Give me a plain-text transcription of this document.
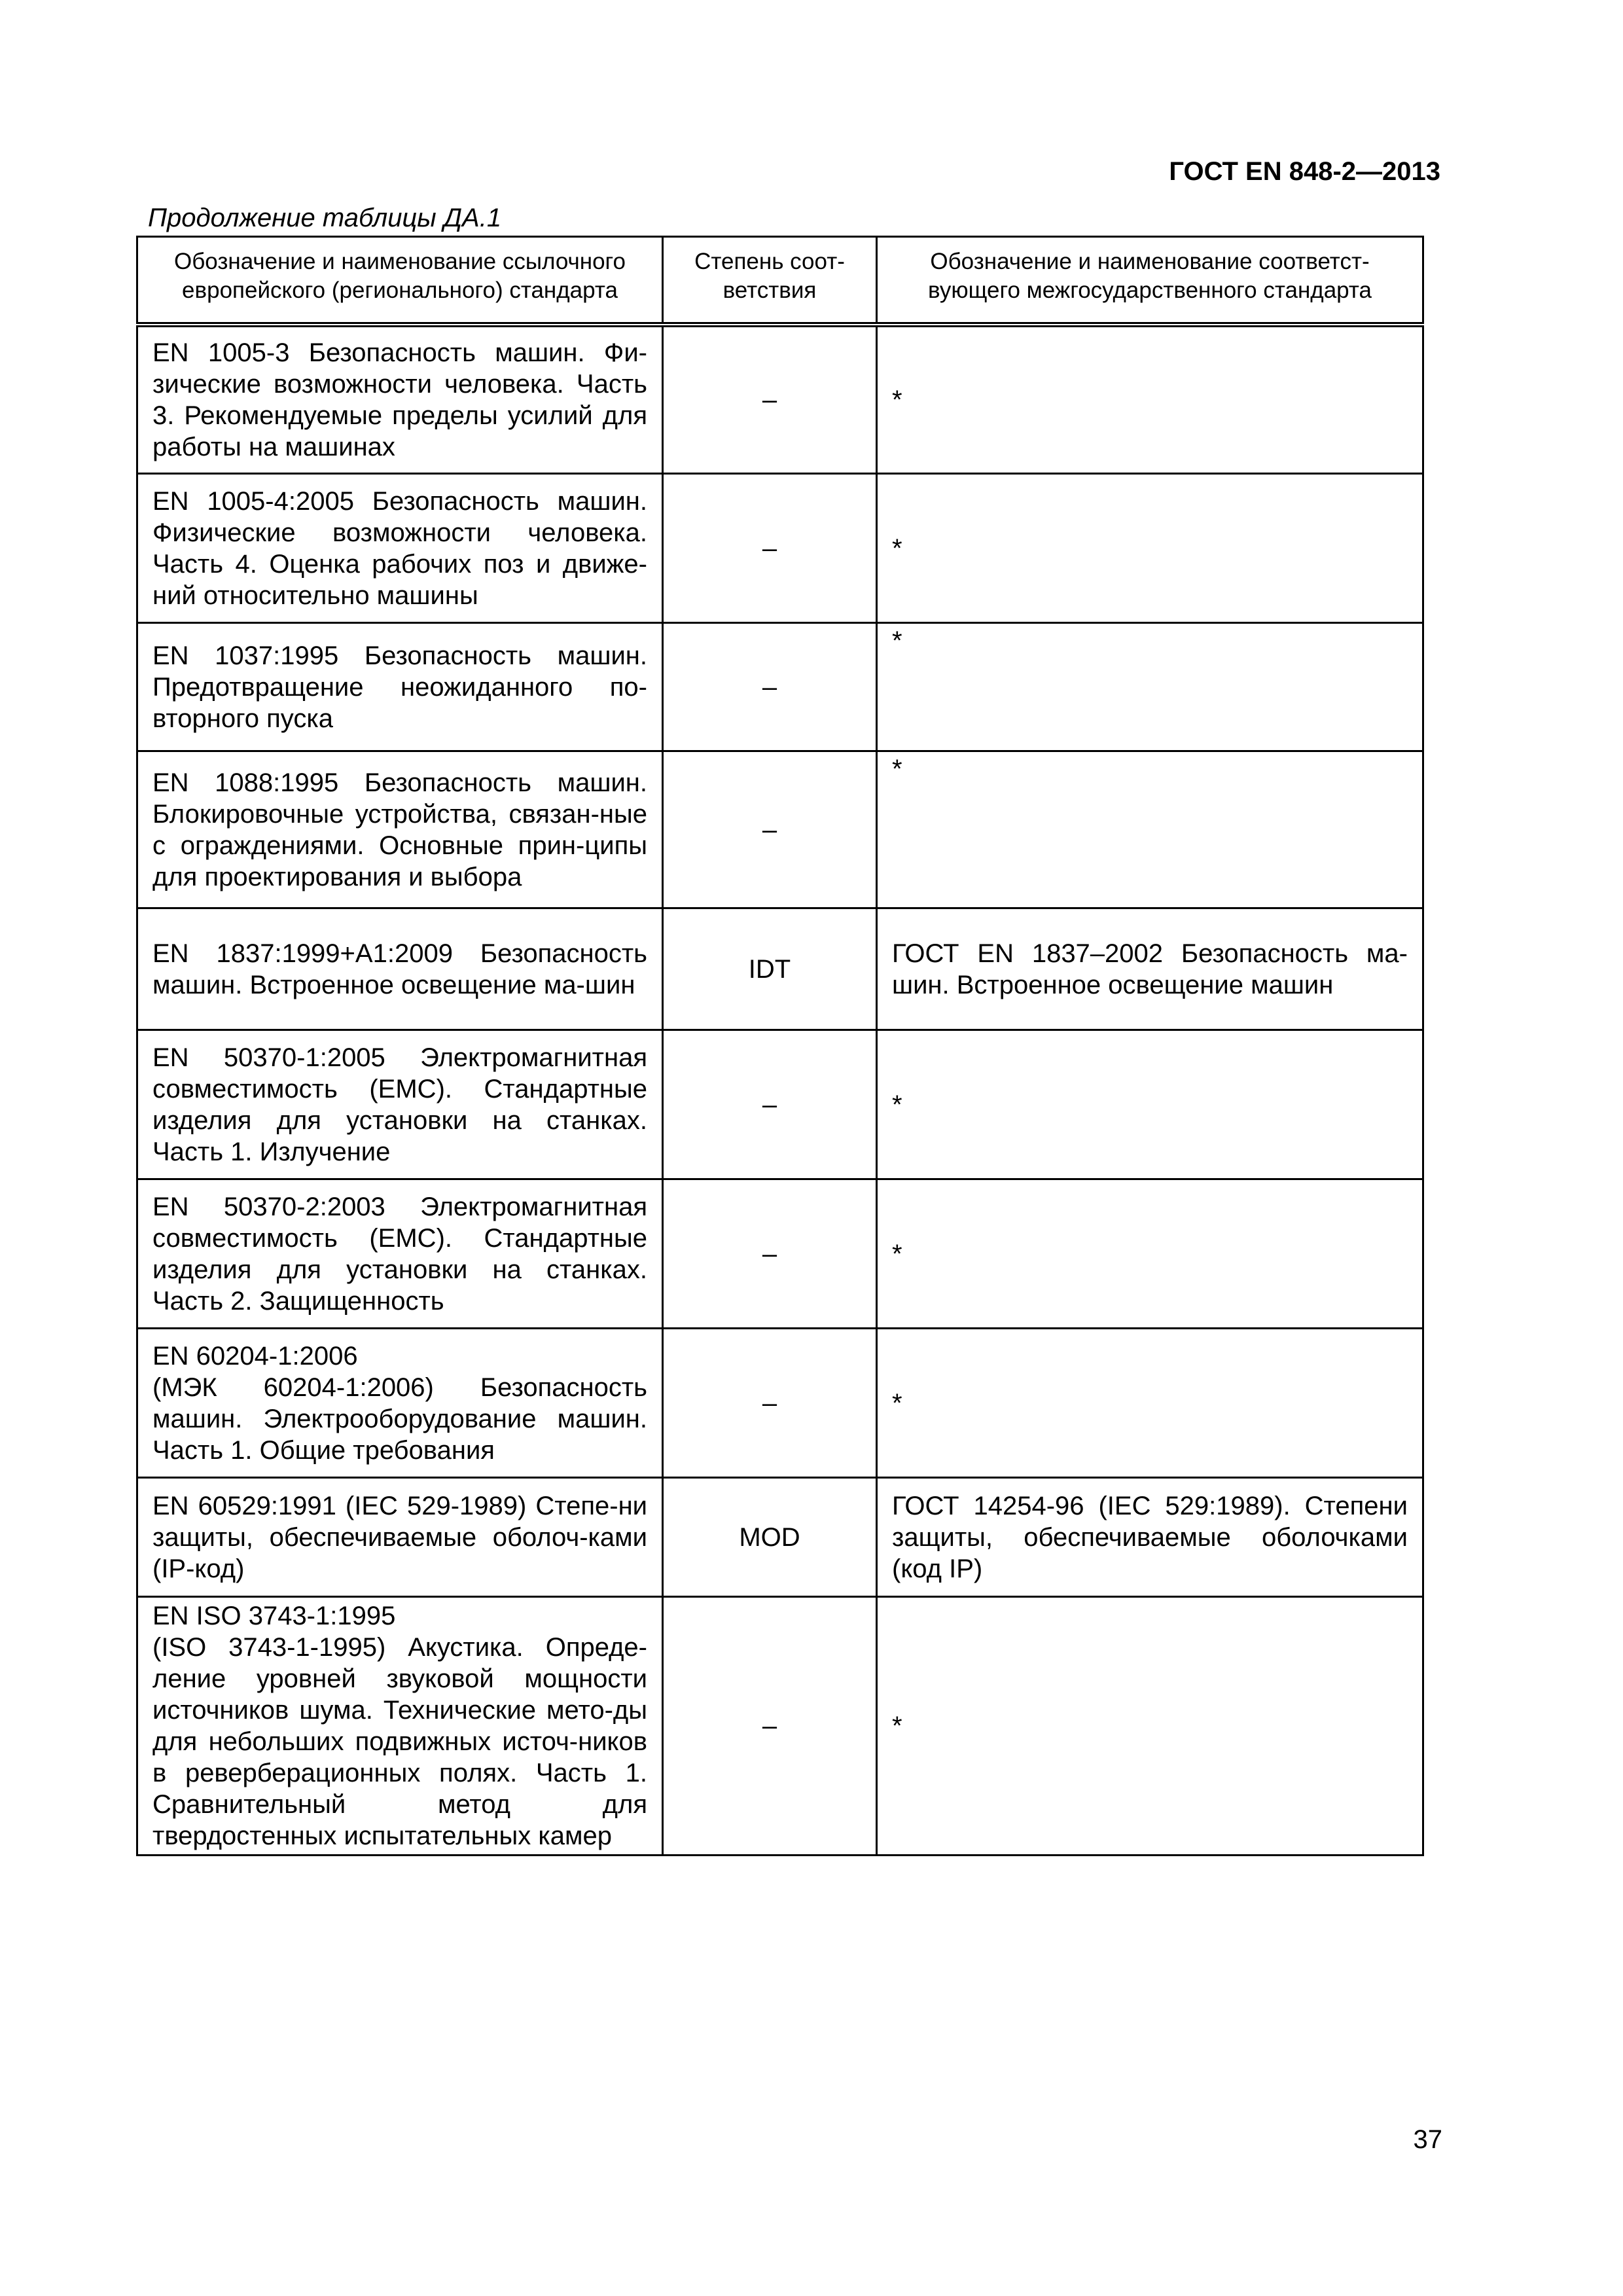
ГОСТ EN 848-2—2013
Продолжение таблицы ДА.1
Обозначение и наименование ссылочного европейского (регионального) стандарта	Степень соот-ветствия	Обозначение и наименование соответст-вующего межгосударственного стандарта
EN 1005-3 Безопасность машин. Фи-зические возможности человека. Часть 3. Рекомендуемые пределы усилий для работы на машинах	–	*

EN 1005-4:2005 Безопасность машин. Физические возможности человека. Часть 4. Оценка рабочих поз и движе-ний относительно машины	–	*

EN 1037:1995 Безопасность машин. Предотвращение неожиданного по-вторного пуска	–	*

EN 1088:1995 Безопасность машин. Блокировочные устройства, связан-ные с ограждениями. Основные прин-ципы для проектирования и выбора	–	*

EN 1837:1999+A1:2009 Безопасность машин. Встроенное освещение ма-шин	IDT	ГОСТ EN 1837–2002 Безопасность ма-шин. Встроенное освещение машин
EN 50370-1:2005 Электромагнитная совместимость (EMC). Стандартные изделия для установки на станках. Часть 1. Излучение	–	*

EN 50370-2:2003 Электромагнитная совместимость (EMC). Стандартные изделия для установки на станках. Часть 2. Защищенность	–	*

EN 60204-1:2006
(МЭК 60204-1:2006) Безопасность машин. Электрооборудование машин. Часть 1. Общие требования	–	*

EN 60529:1991 (IEC 529-1989) Степе-ни защиты, обеспечиваемые оболоч-ками (IP-код)	MOD	ГОСТ 14254-96 (IEC 529:1989). Степени защиты, обеспечиваемые оболочками (код IP)

EN ISO 3743-1:1995
(ISO 3743-1-1995) Акустика. Опреде-ление уровней звуковой мощности источников шума. Технические мето-ды для небольших подвижных источ-ников в реверберационных полях. Часть 1. Сравнительный метод для твердостенных испытательных камер	–	*
37
